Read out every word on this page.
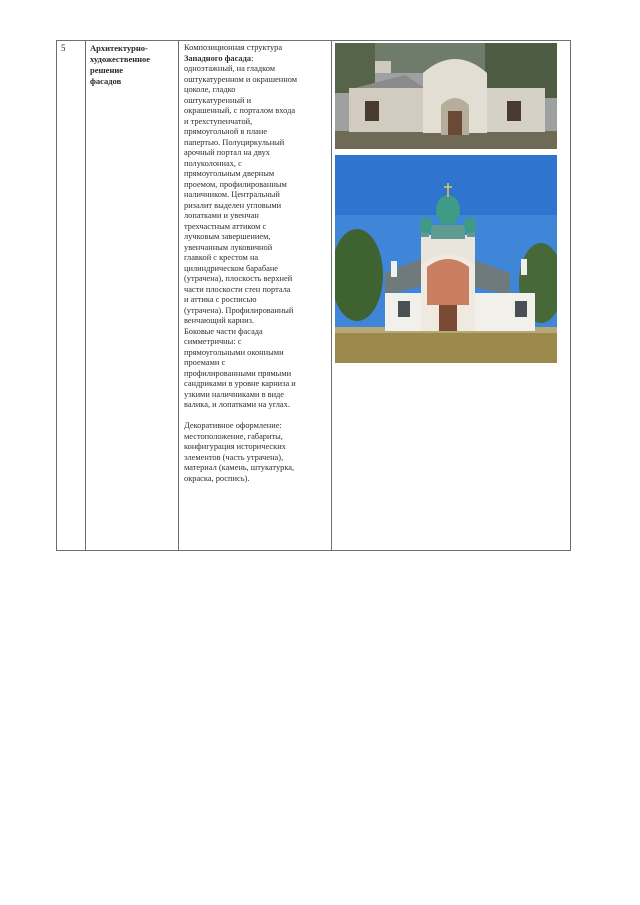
5	Архитектурно-
художественное
решение
фасадов

Композиционная структура
Западного фасада:
одноэтажный, на гладком
оштукатуренном и окрашенном
цоколе, гладко
оштукатуренный и
окрашенный, с порталом входа
и трехступенчатой,
прямоугольной в плане
папертью. Полуциркульный
арочный портал на двух
полуколоннах, с
прямоугольным дверным
проемом, профилированным
наличником. Центральный
ризалит выделен угловыми
лопатками и увенчан
трехчастным аттиком с
лучковым завершением,
увенчанным луковичной
главкой с крестом на
цилиндрическом барабане
(утрачена), плоскость верхней
части плоскости стен портала
и аттика с росписью
(утрачена). Профилированный
венчающий карниз.
Боковые части фасада
симметричны: с
прямоугольными оконными
проемами с
профилированными прямыми
сандриками в уровне карниза и
узкими наличниками в виде
валика, и лопатками на углах.
Декоративное оформление:
местоположение, габариты,
конфигурация исторических
элементов (часть утрачена),
материал (камень, штукатурка,
окраска, роспись).
